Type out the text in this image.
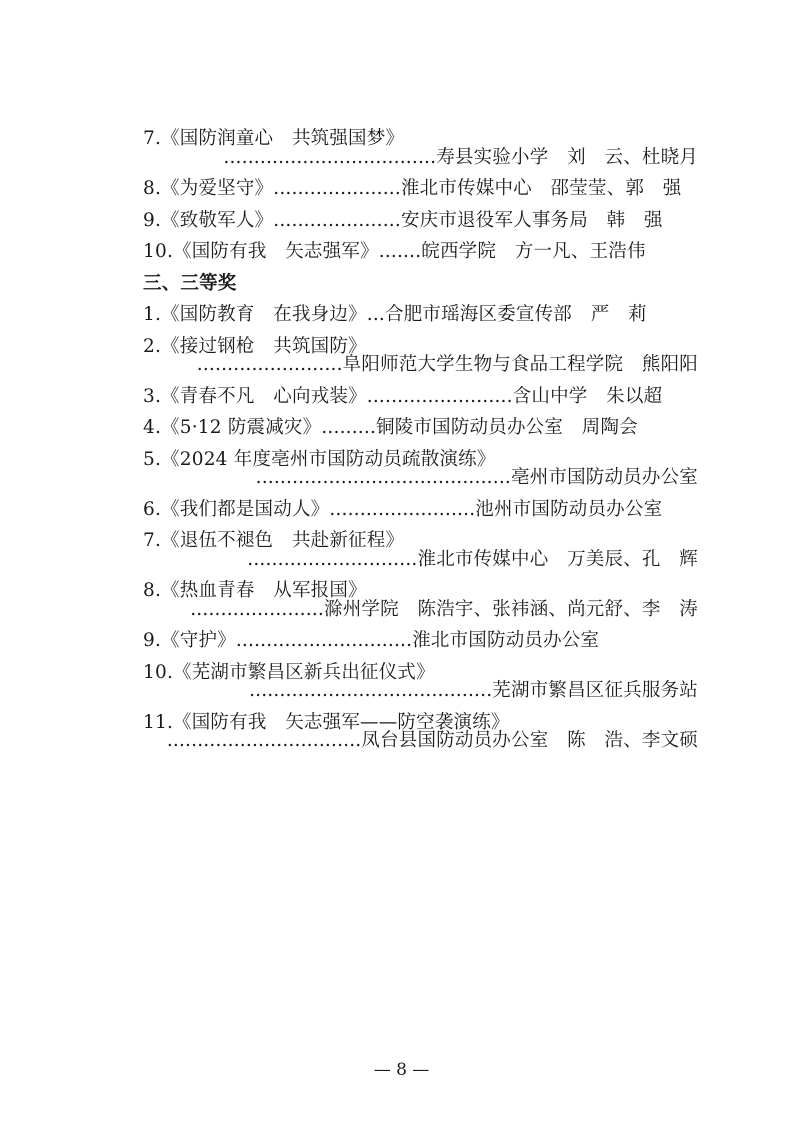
7.《国防润童心　共筑强国梦》
...................................寿县实验小学　刘　云、杜晓月
8.《为爱坚守》.....................淮北市传媒中心　邵莹莹、郭　强
9.《致敬军人》.....................安庆市退役军人事务局　韩　强
10.《国防有我　矢志强军》.......皖西学院　方一凡、王浩伟
三、三等奖
1.《国防教育　在我身边》...合肥市瑶海区委宣传部　严　莉
2.《接过钢枪　共筑国防》
........................阜阳师范大学生物与食品工程学院　熊阳阳
3.《青春不凡　心向戎装》........................含山中学　朱以超
4.《5·12 防震减灾》.........铜陵市国防动员办公室　周陶会
5.《2024 年度亳州市国防动员疏散演练》
..........................................亳州市国防动员办公室
6.《我们都是国动人》........................池州市国防动员办公室
7.《退伍不褪色　共赴新征程》
............................淮北市传媒中心　万美辰、孔　辉
8.《热血青春　从军报国》
......................滁州学院　陈浩宇、张祎涵、尚元舒、李　涛
9.《守护》.............................淮北市国防动员办公室
10.《芜湖市繁昌区新兵出征仪式》
........................................芜湖市繁昌区征兵服务站
11.《国防有我　矢志强军——防空袭演练》
................................凤台县国防动员办公室　陈　浩、李文硕
— 8 —
